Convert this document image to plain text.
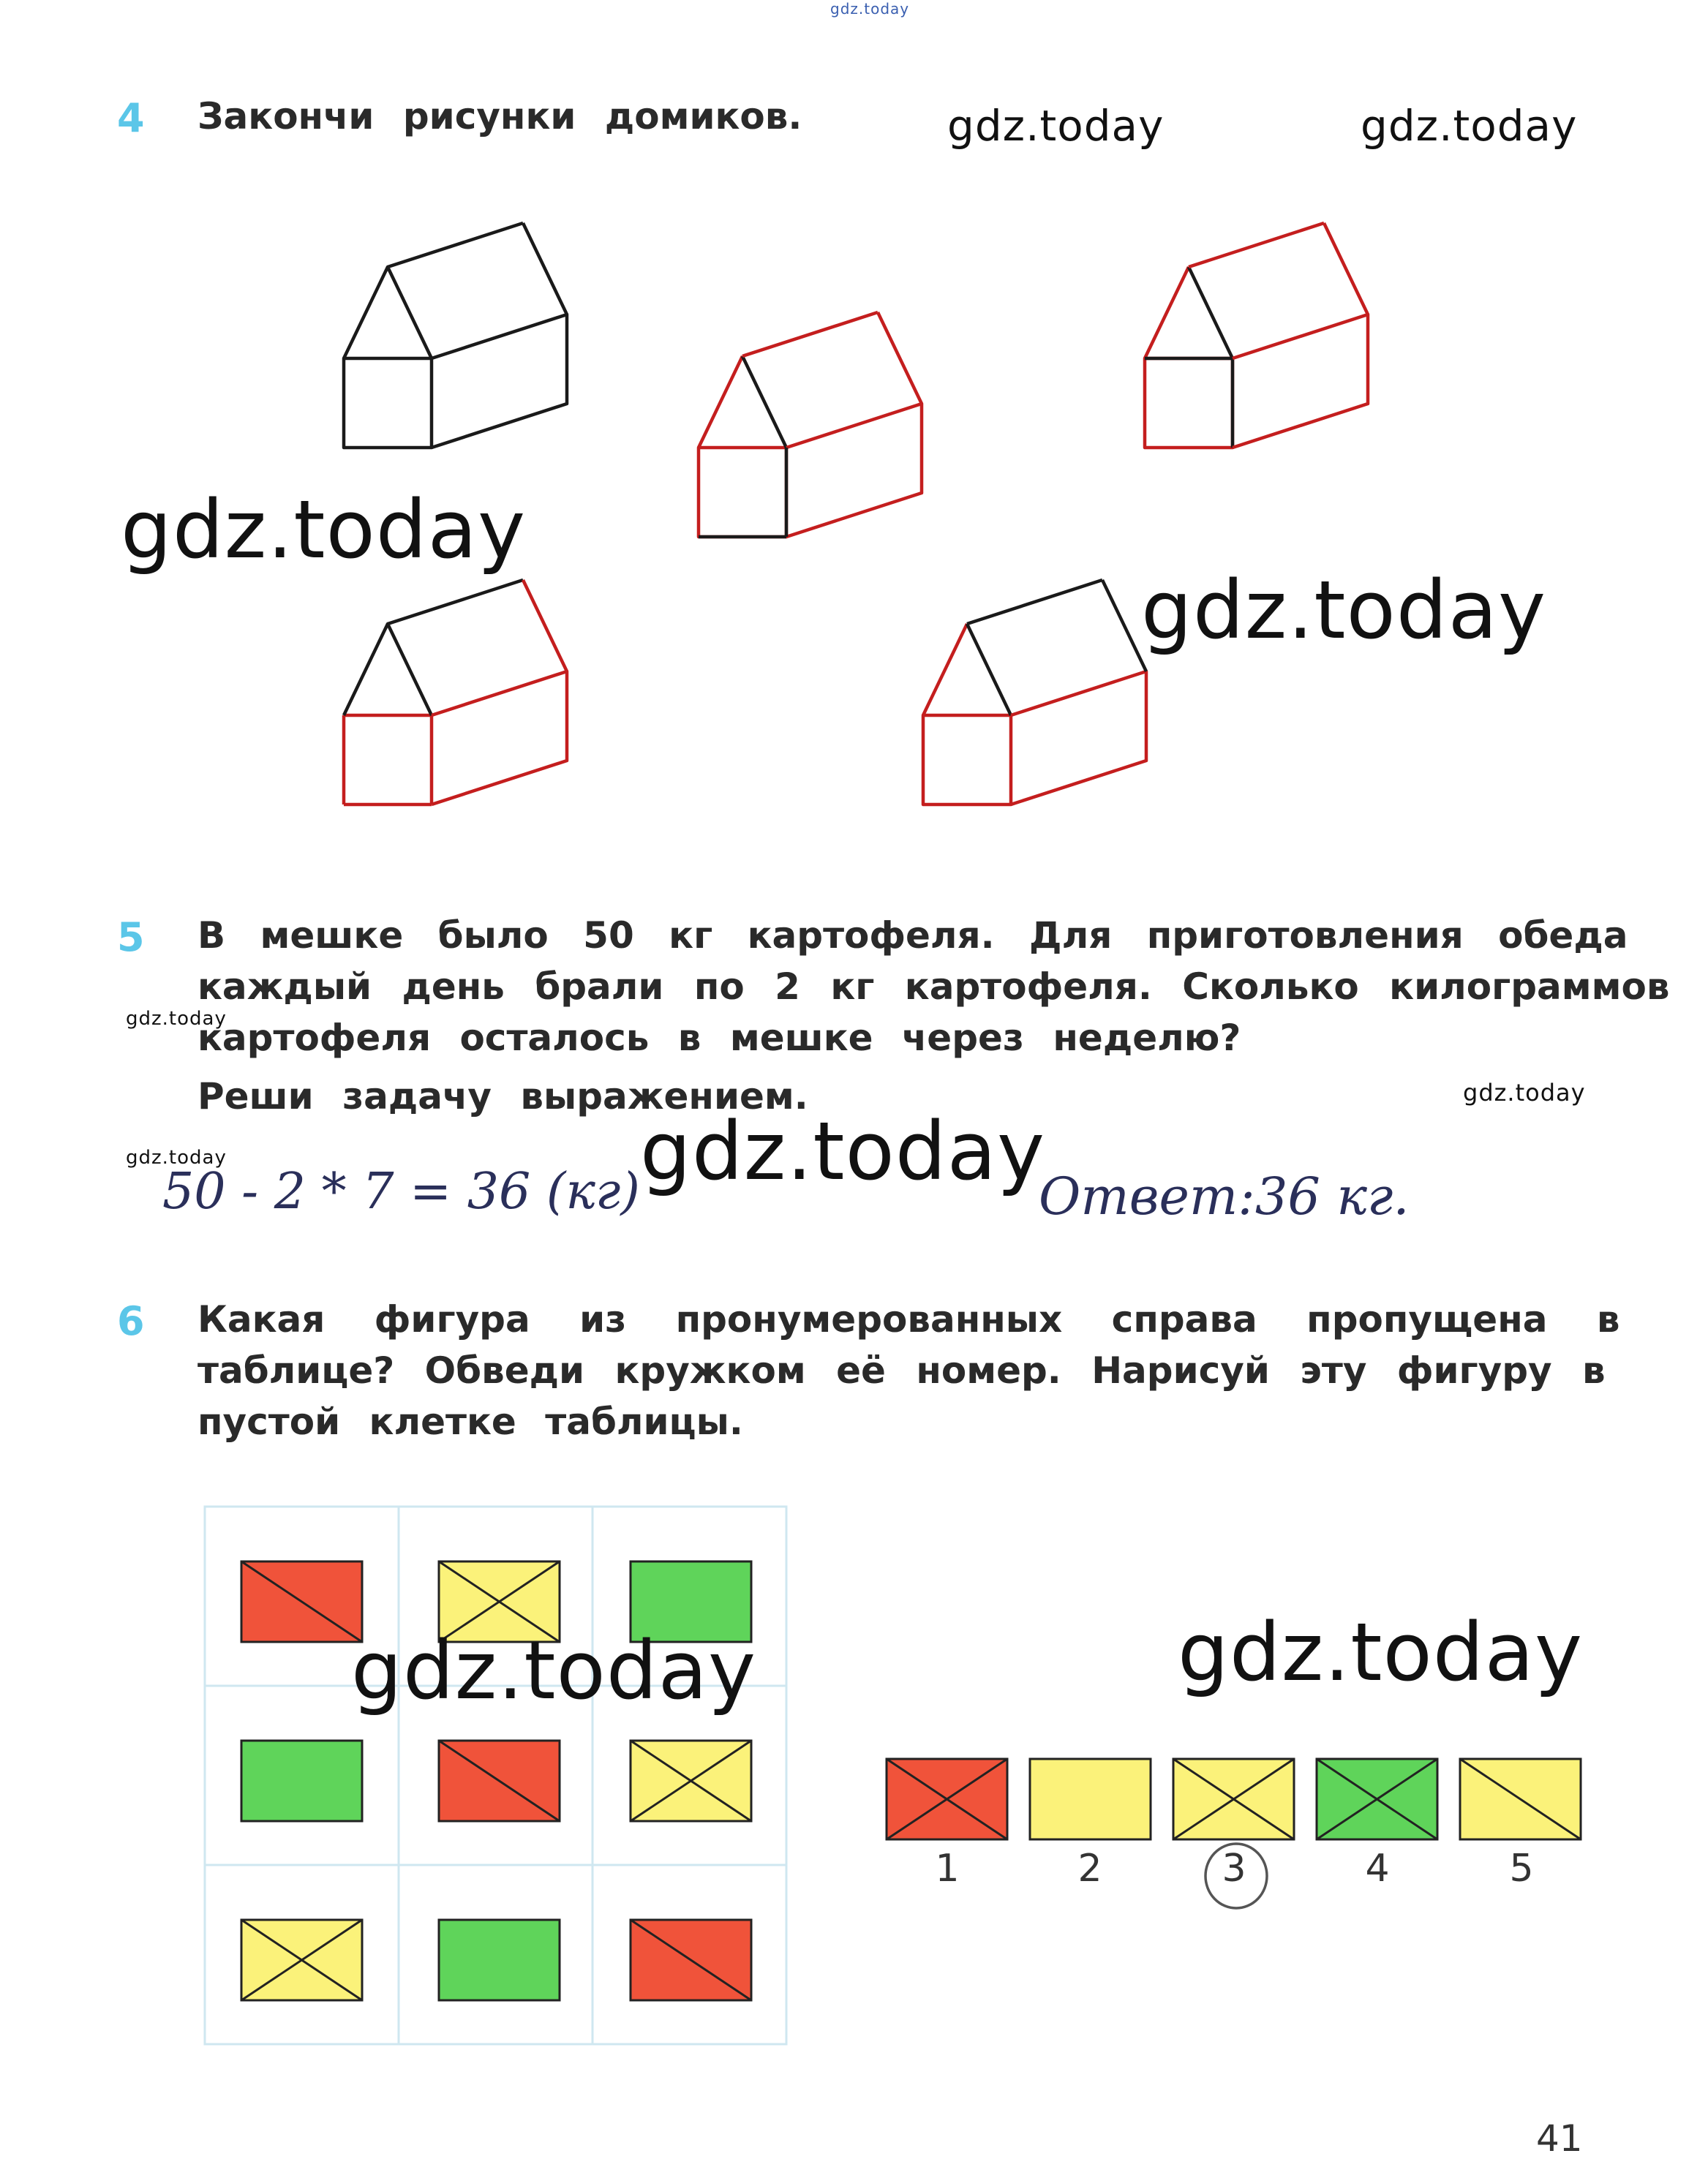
gdz.today
4 Закончи рисунки домиков.	gdz.today	gdz.today
gdz.today
gdz.today
5 В мешке было 50 кг картофеля. Для приготовления обеда
каждый день брали по 2 кг картофеля. Сколько килограммов
картофеля осталось в мешке через неделю?
Реши задачу выражением.
gdz.today
gdz.today
gdz.today
50 - 2 * 7 = 36 (кг) gdz.today
Ответ:36 кг.
6 Какая фигура из пронумерованных справа пропущена в
таблице? Обведи кружком её номер. Нарисуй эту фигуру в
пустой клетке таблицы.
gdz.today	gdz.today
1	2	3	4	5
41
